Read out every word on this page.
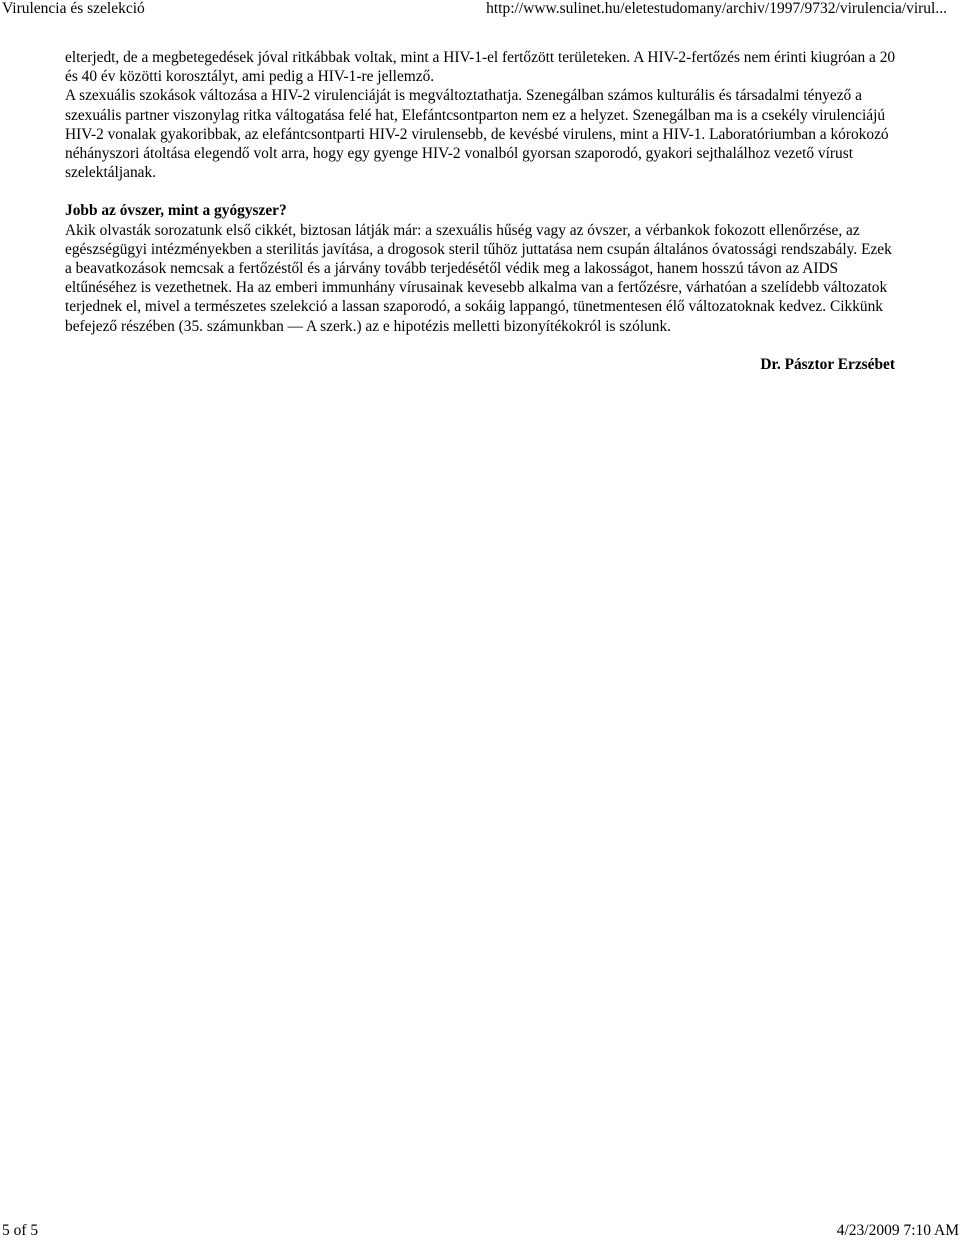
Virulencia és szelekció	http://www.sulinet.hu/eletestudomany/archiv/1997/9732/virulencia/virul...

elterjedt, de a megbetegedések jóval ritkábbak voltak, mint a HIV-1-el fertőzött területeken. A HIV-2-fertőzés nem érinti kiugróan a 20 és 40 év közötti korosztályt, ami pedig a HIV-1-re jellemző.

A szexuális szokások változása a HIV-2 virulenciáját is megváltoztathatja. Szenegálban számos kulturális és társadalmi tényező a szexuális partner viszonylag ritka váltogatása felé hat, Elefántcsontparton nem ez a helyzet. Szenegálban ma is a csekély virulenciájú HIV-2 vonalak gyakoribbak, az elefántcsontparti HIV-2 virulensebb, de kevésbé virulens, mint a HIV-1. Laboratóriumban a kórokozó néhányszori átoltása elegendő volt arra, hogy egy gyenge HIV-2 vonalból gyorsan szaporodó, gyakori sejthalálhoz vezető vírust szelektáljanak.

Jobb az óvszer, mint a gyógyszer?

Akik olvasták sorozatunk első cikkét, biztosan látják már: a szexuális hűség vagy az óvszer, a vérbankok fokozott ellenőrzése, az egészségügyi intézményekben a sterilitás javítása, a drogosok steril tűhöz juttatása nem csupán általános óvatossági rendszabály. Ezek a beavatkozások nemcsak a fertőzéstől és a járvány tovább terjedésétől védik meg a lakosságot, hanem hosszú távon az AIDS eltűnéséhez is vezethetnek. Ha az emberi immunhány vírusainak kevesebb alkalma van a fertőzésre, várhatóan a szelídebb változatok terjednek el, mivel a természetes szelekció a lassan szaporodó, a sokáig lappangó, tünetmentesen élő változatoknak kedvez. Cikkünk befejező részében (35. számunkban — A szerk.) az e hipotézis melletti bizonyítékokról is szólunk.

Dr. Pásztor Erzsébet

5 of 5	4/23/2009 7:10 AM
